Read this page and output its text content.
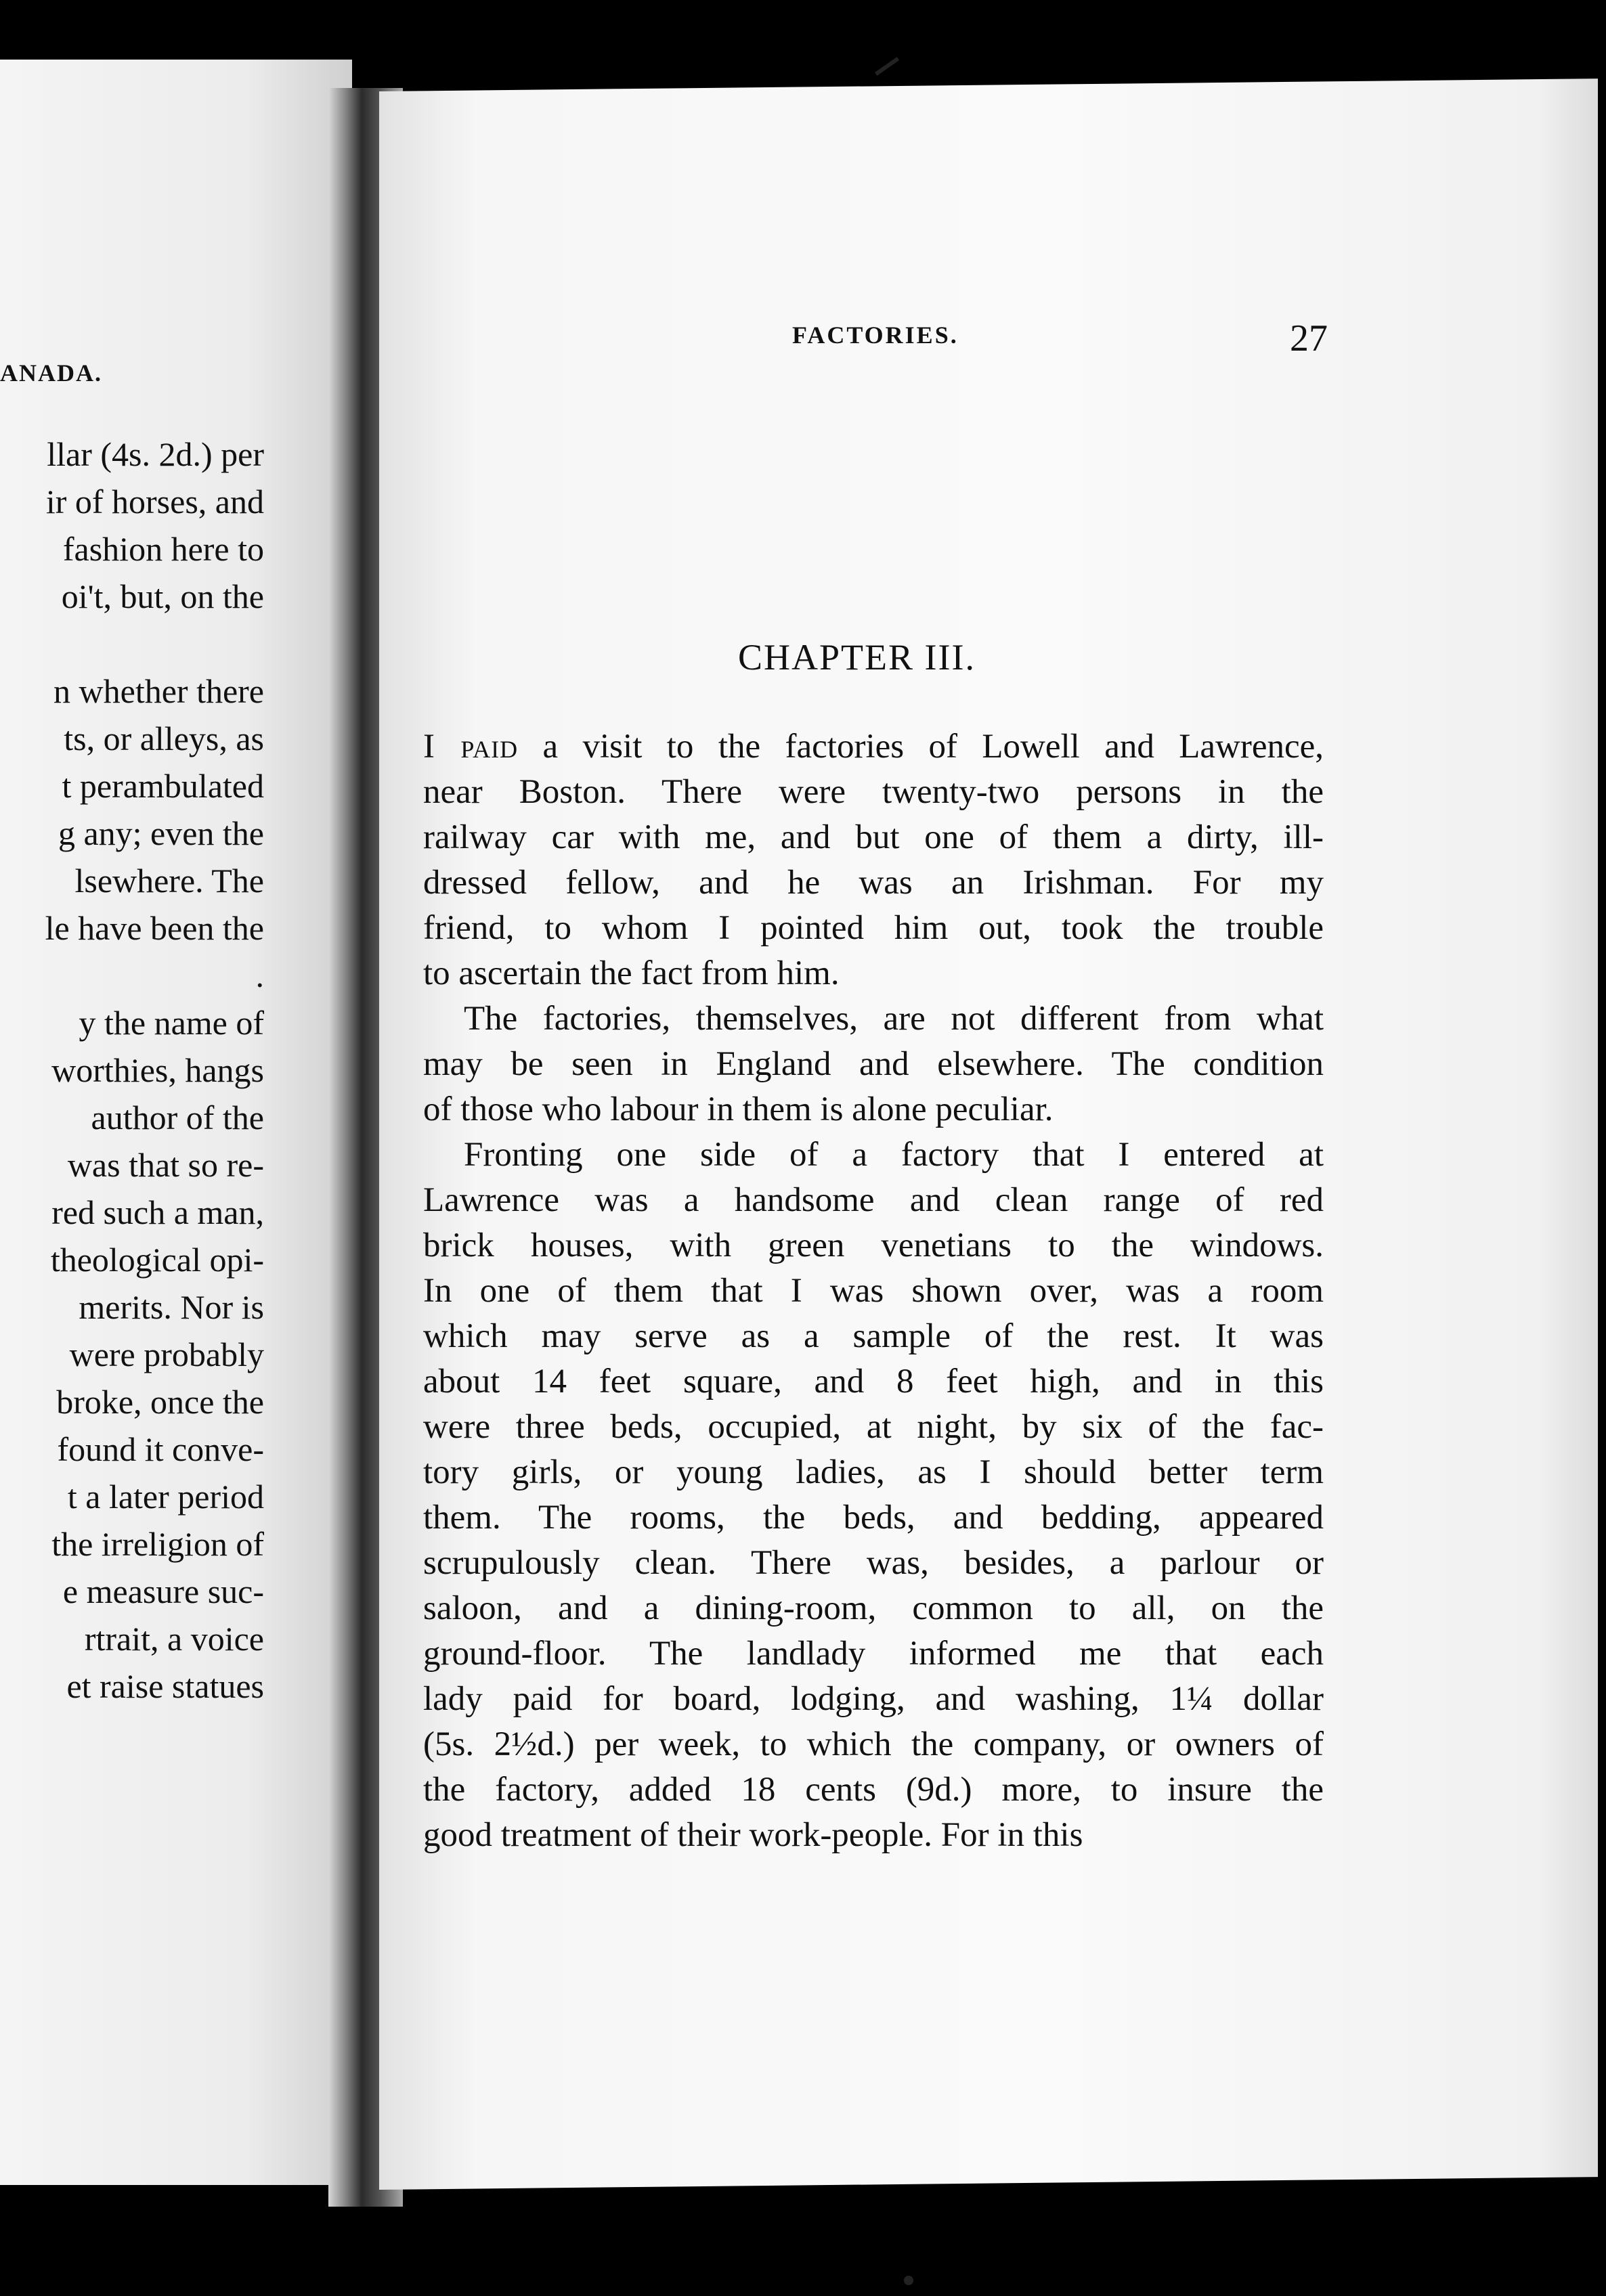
ANADA.
llar (4s. 2d.) per
ir of horses, and
fashion here to
oi't, but, on the

n whether there
ts, or alleys, as
t perambulated
g any; even the
lsewhere. The
le have been the
.
y the name of
worthies, hangs
author of the
was that so re-
red such a man,
theological opi-
merits. Nor is
were probably
broke, once the
found it conve-
t a later period
the irreligion of
e measure suc-
rtrait, a voice
et raise statues
FACTORIES.	27
CHAPTER III.
I paid a visit to the factories of Lowell and Lawrence,
near Boston. There were twenty-two persons in the
railway car with me, and but one of them a dirty, ill-
dressed fellow, and he was an Irishman. For my
friend, to whom I pointed him out, took the trouble
to ascertain the fact from him.
The factories, themselves, are not different from what
may be seen in England and elsewhere. The condition
of those who labour in them is alone peculiar.
Fronting one side of a factory that I entered at
Lawrence was a handsome and clean range of red
brick houses, with green venetians to the windows.
In one of them that I was shown over, was a room
which may serve as a sample of the rest. It was
about 14 feet square, and 8 feet high, and in this
were three beds, occupied, at night, by six of the fac-
tory girls, or young ladies, as I should better term
them. The rooms, the beds, and bedding, appeared
scrupulously clean. There was, besides, a parlour or
saloon, and a dining-room, common to all, on the
ground-floor. The landlady informed me that each
lady paid for board, lodging, and washing, 1¼ dollar
(5s. 2½d.) per week, to which the company, or owners of
the factory, added 18 cents (9d.) more, to insure the
good treatment of their work-people. For in this
